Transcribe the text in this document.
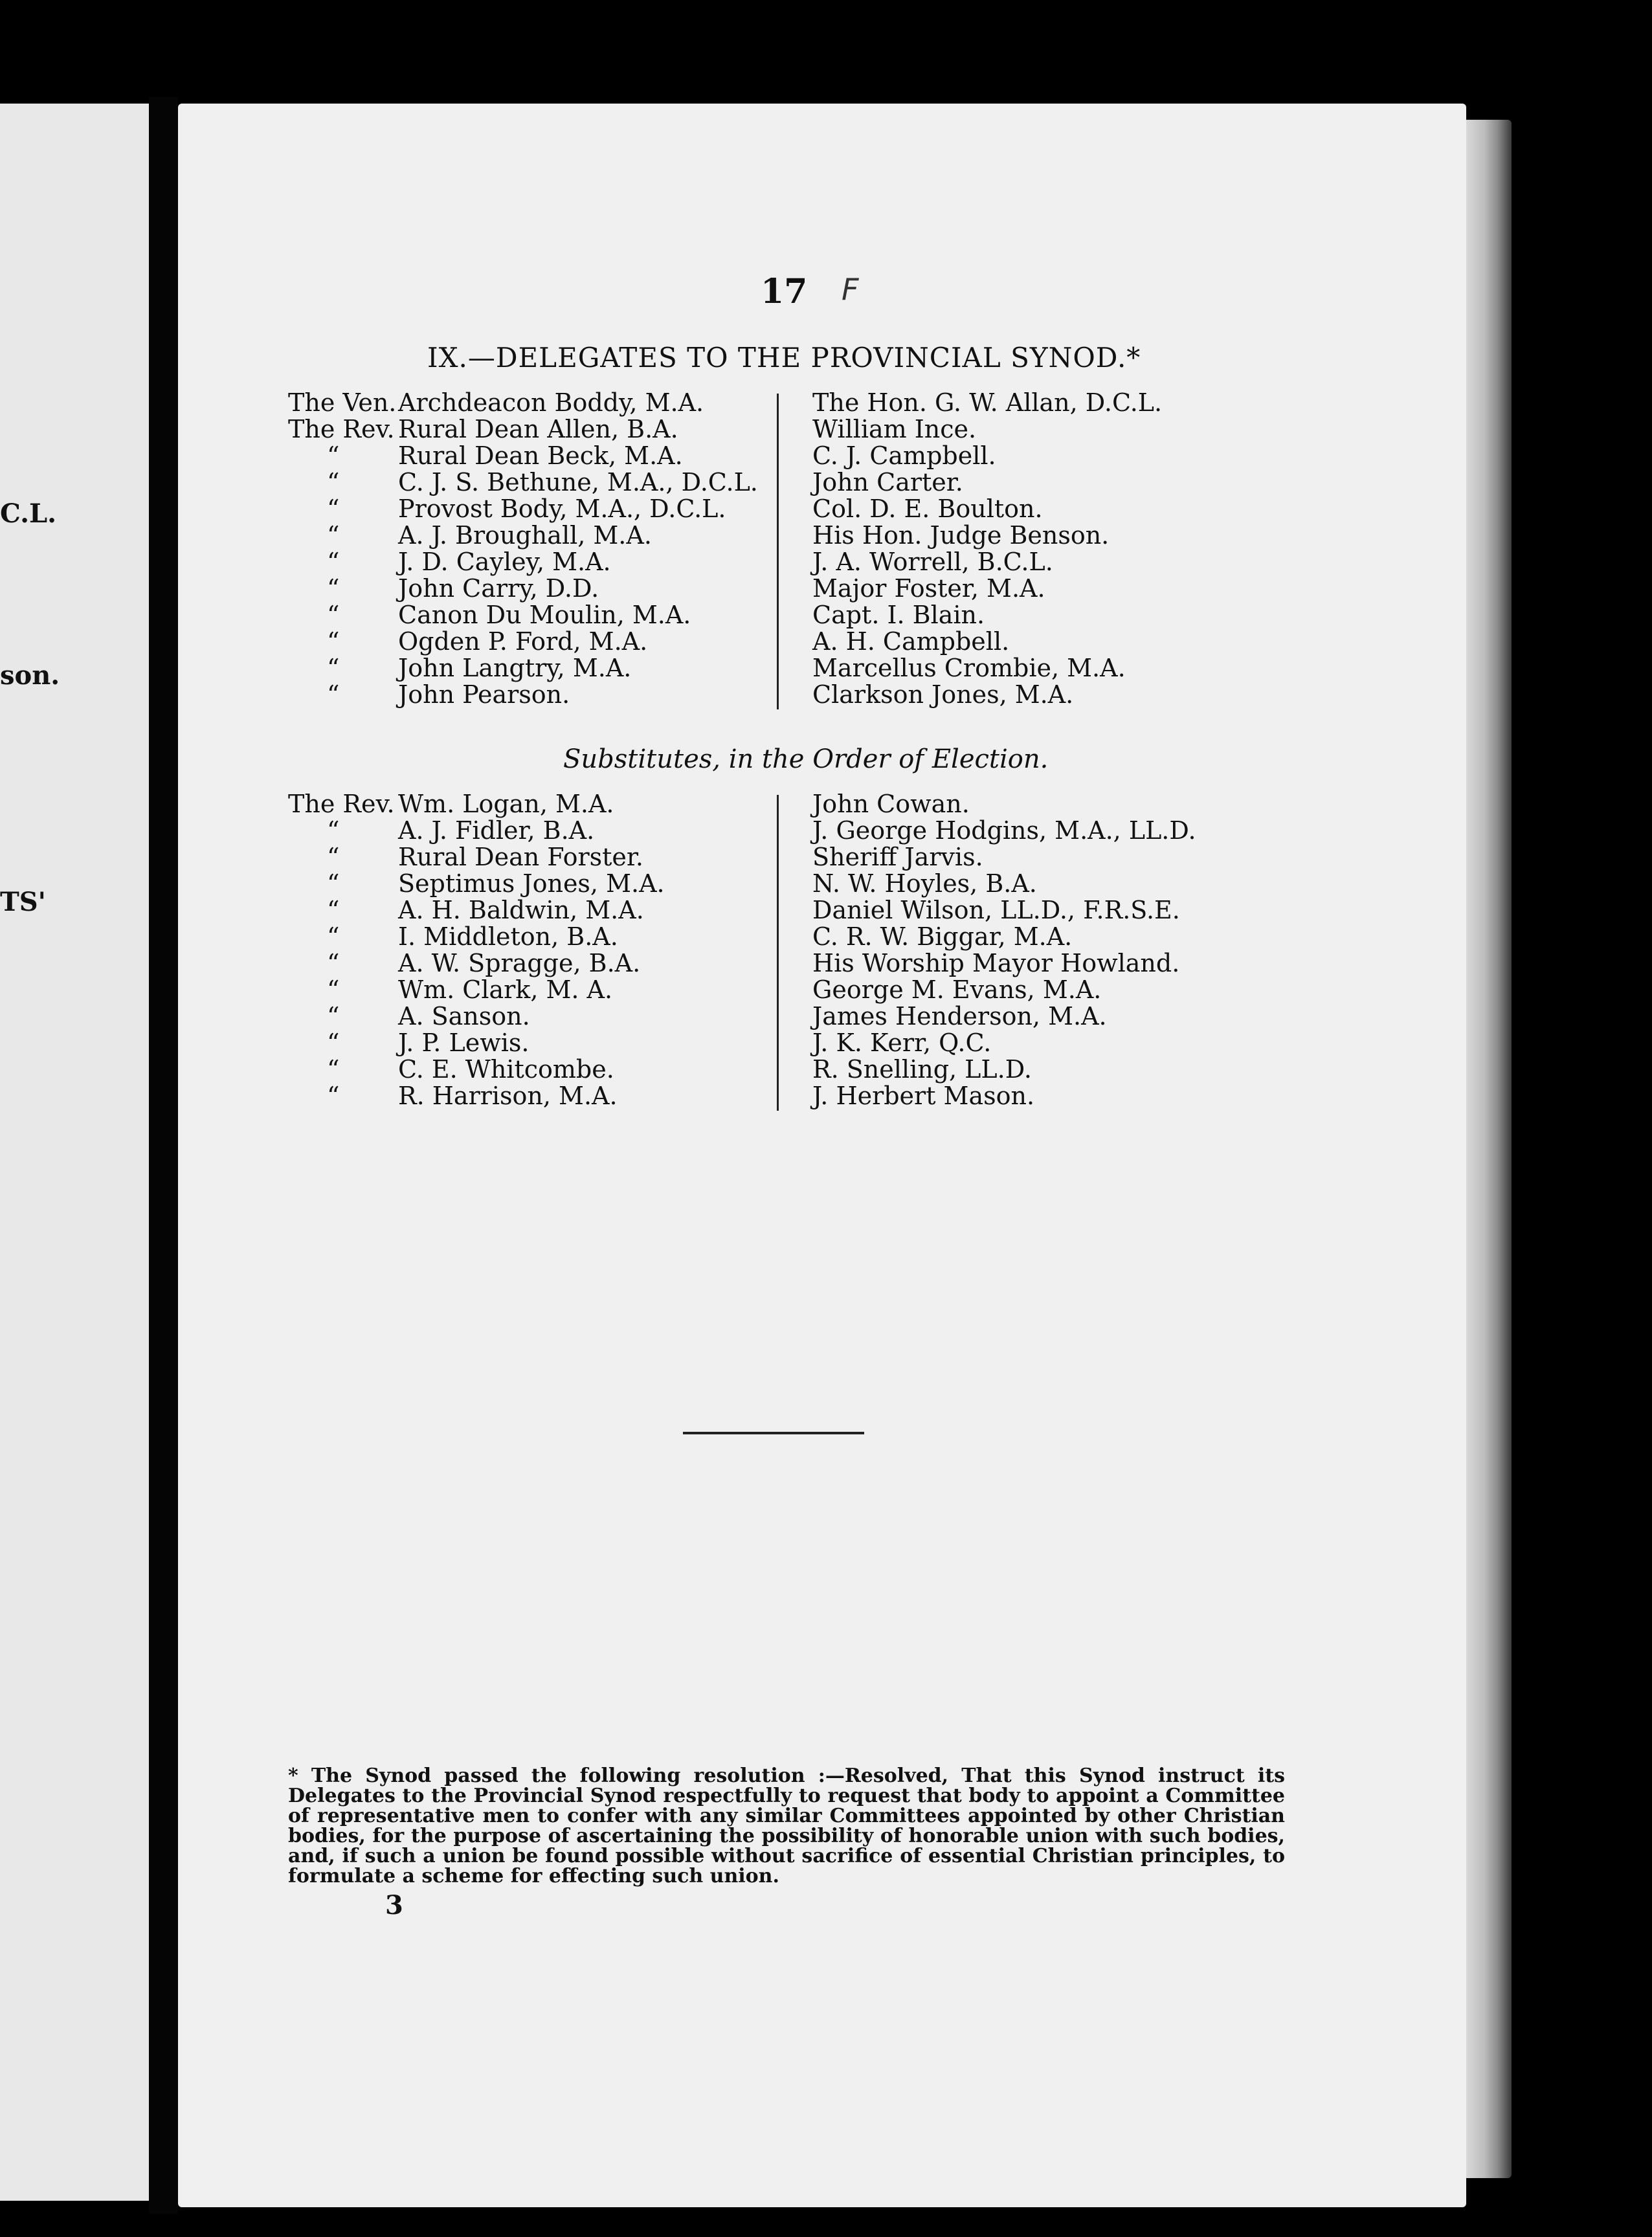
C.L.
son.
TS'
17 F
IX.—DELEGATES TO THE PROVINCIAL SYNOD.*
The Ven.Archdeacon Boddy, M.A.
The Rev. Rural Dean Allen, B.A.
“ Rural Dean Beck, M.A.
“ C. J. S. Bethune, M.A., D.C.L.
“ Provost Body, M.A., D.C.L.
“ A. J. Broughall, M.A.
“ J. D. Cayley, M.A.
“ John Carry, D.D.
“ Canon Du Moulin, M.A.
“ Ogden P. Ford, M.A.
“ John Langtry, M.A.
“ John Pearson.
The Hon. G. W. Allan, D.C.L.
William Ince.
C. J. Campbell.
John Carter.
Col. D. E. Boulton.
His Hon. Judge Benson.
J. A. Worrell, B.C.L.
Major Foster, M.A.
Capt. I. Blain.
A. H. Campbell.
Marcellus Crombie, M.A.
Clarkson Jones, M.A.
Substitutes, in the Order of Election.
The Rev. Wm. Logan, M.A.
“ A. J. Fidler, B.A.
“ Rural Dean Forster.
“ Septimus Jones, M.A.
“ A. H. Baldwin, M.A.
“ I. Middleton, B.A.
“ A. W. Spragge, B.A.
“ Wm. Clark, M. A.
“ A. Sanson.
“ J. P. Lewis.
“ C. E. Whitcombe.
“ R. Harrison, M.A.
John Cowan.
J. George Hodgins, M.A., LL.D.
Sheriff Jarvis.
N. W. Hoyles, B.A.
Daniel Wilson, LL.D., F.R.S.E.
C. R. W. Biggar, M.A.
His Worship Mayor Howland.
George M. Evans, M.A.
James Henderson, M.A.
J. K. Kerr, Q.C.
R. Snelling, LL.D.
J. Herbert Mason.
* The Synod passed the following resolution :—Resolved, That this Synod instruct its Delegates to the Provincial Synod respectfully to request that body to appoint a Committee of representative men to confer with any similar Committees appointed by other Christian bodies, for the purpose of ascertaining the possibility of honorable union with such bodies, and, if such a union be found possible without sacrifice of essential Christian principles, to formulate a scheme for effecting such union.
3
